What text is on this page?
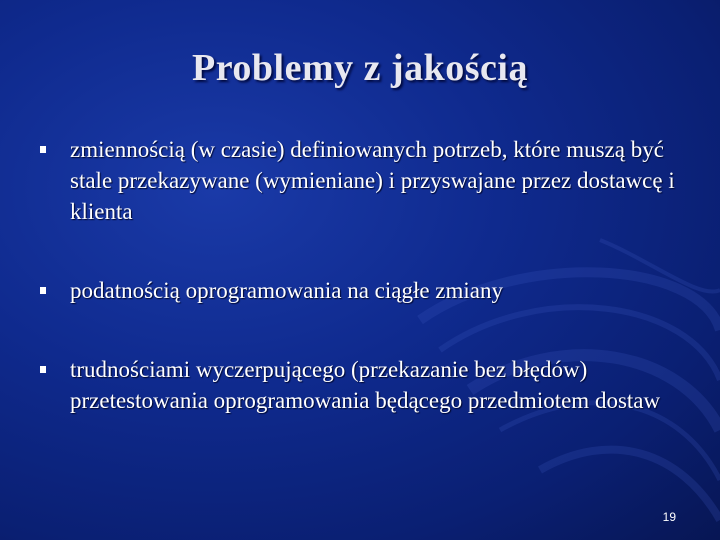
Problemy z jakością
zmiennością (w czasie) definiowanych potrzeb, które muszą być stale przekazywane (wymieniane) i przyswajane przez dostawcę i klienta
podatnością oprogramowania na ciągłe zmiany
trudnościami wyczerpującego (przekazanie bez błędów) przetestowania oprogramowania będącego przedmiotem dostaw
19
